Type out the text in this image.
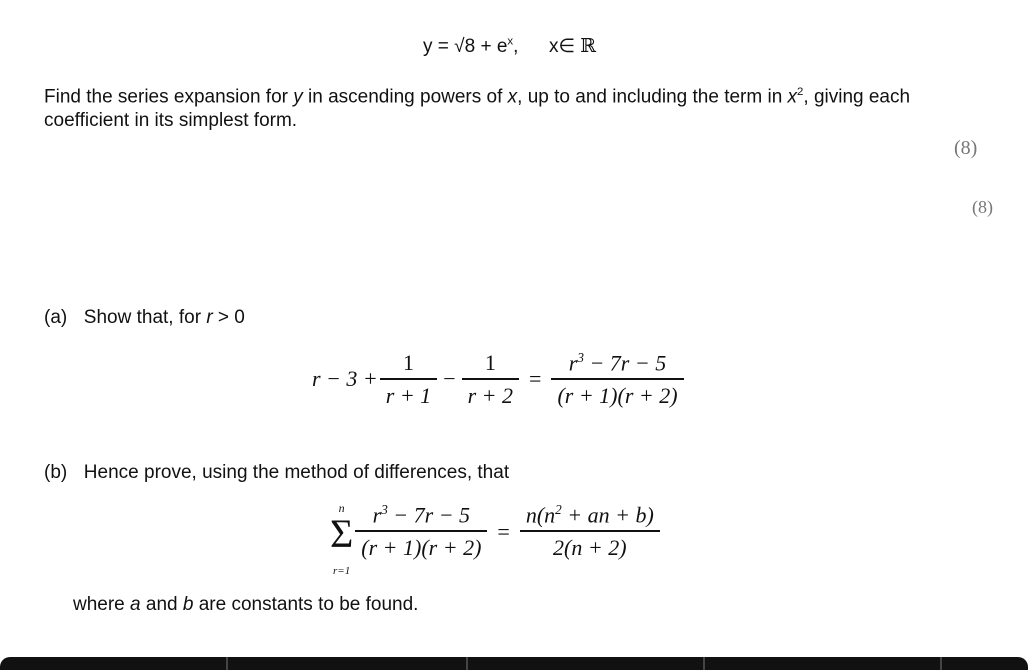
$y = √8 + e^x$, x∈ ℝ
Find the series expansion for y in ascending powers of x, up to and including the term in $x^2$, giving each
coefficient in its simplest form.
(8)
(8)
(a) Show that, for r > 0
$r - 3 + \frac{1}{r + 1} - \frac{1}{r + 2} = \frac{r^3 - 7r - 5}{(r + 1)(r + 2)}$
(b) Hence prove, using the method of differences, that
n
Σ
r=1
$\frac{r^3 - 7r - 5}{(r + 1)(r + 2)} = \frac{n(n^2 + an + b)}{2(n + 2)}$
where a and b are constants to be found.
